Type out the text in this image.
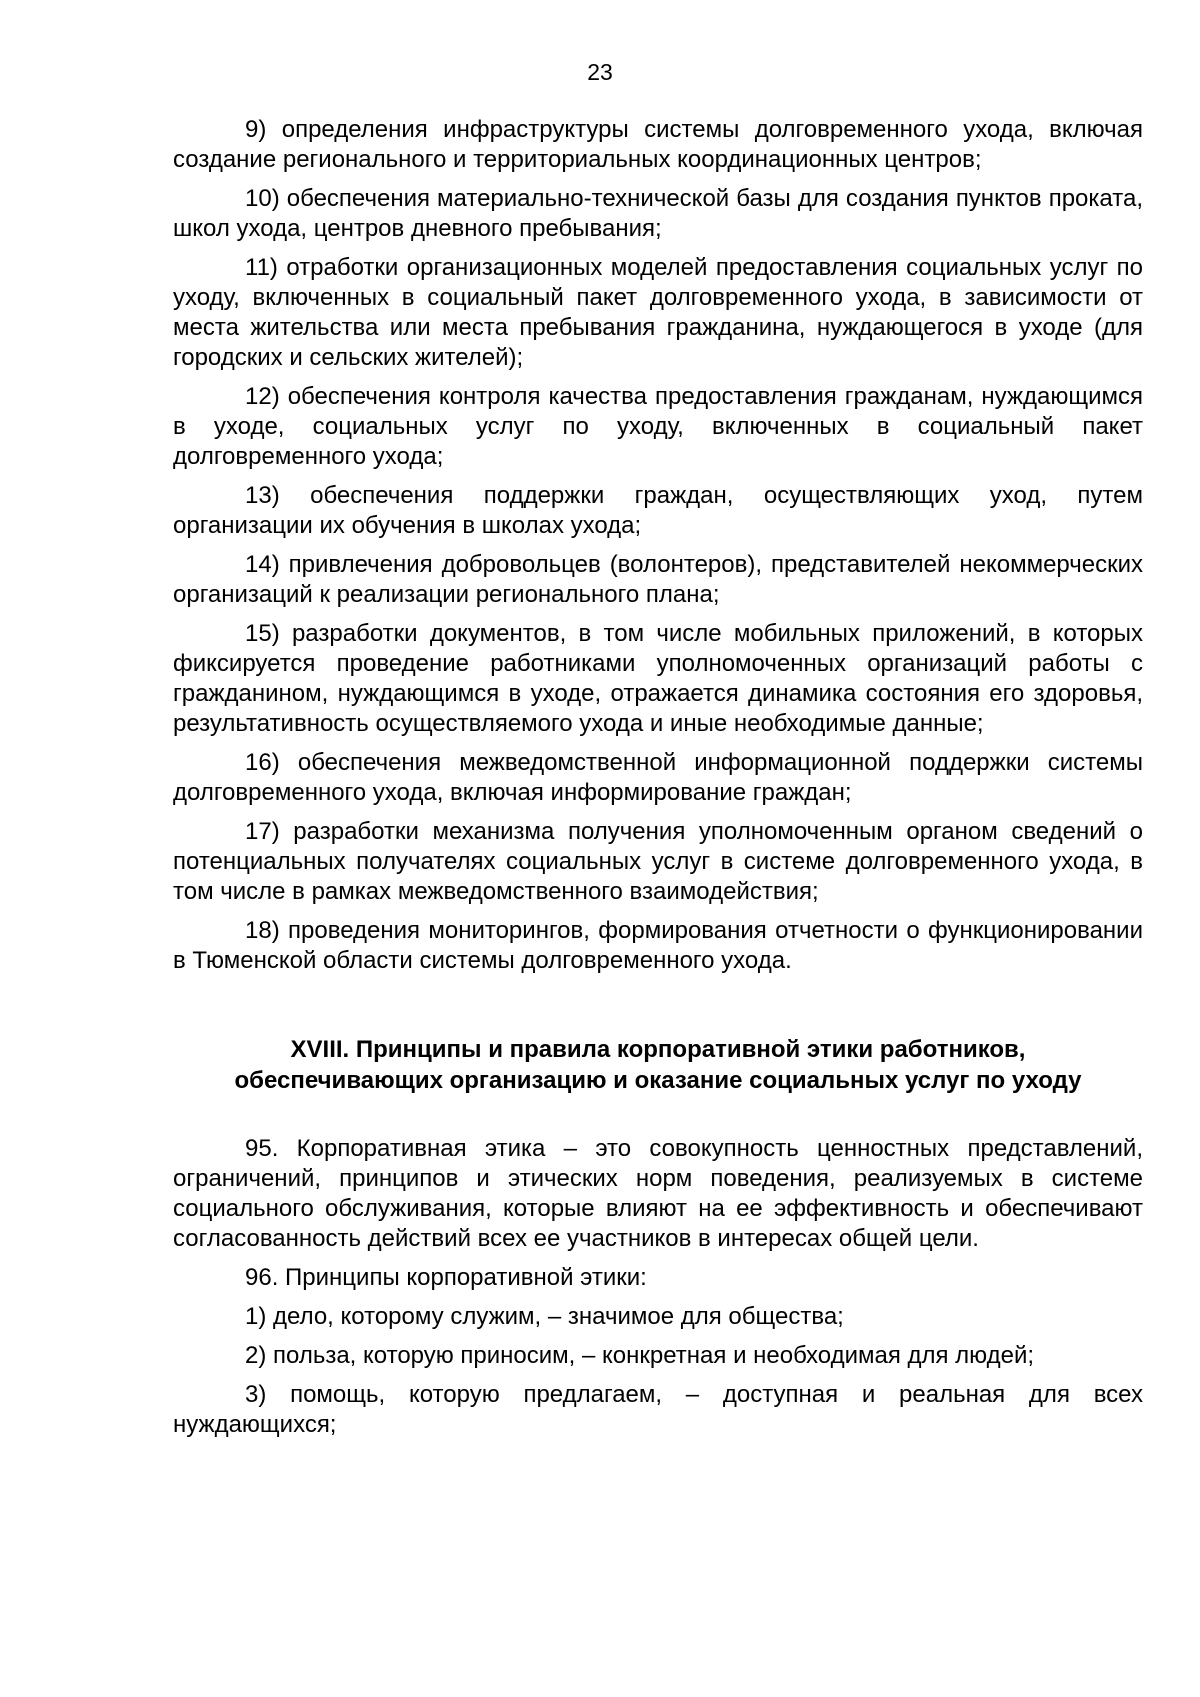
23

9) определения инфраструктуры системы долговременного ухода, включая создание регионального и территориальных координационных центров;

10) обеспечения материально-технической базы для создания пунктов проката, школ ухода, центров дневного пребывания;

11) отработки организационных моделей предоставления социальных услуг по уходу, включенных в социальный пакет долговременного ухода, в зависимости от места жительства или места пребывания гражданина, нуждающегося в уходе (для городских и сельских жителей);

12) обеспечения контроля качества предоставления гражданам, нуждающимся в уходе, социальных услуг по уходу, включенных в социальный пакет долговременного ухода;

13) обеспечения поддержки граждан, осуществляющих уход, путем организации их обучения в школах ухода;

14) привлечения добровольцев (волонтеров), представителей некоммерческих организаций к реализации регионального плана;

15) разработки документов, в том числе мобильных приложений, в которых фиксируется проведение работниками уполномоченных организаций работы с гражданином, нуждающимся в уходе, отражается динамика состояния его здоровья, результативность осуществляемого ухода и иные необходимые данные;

16) обеспечения межведомственной информационной поддержки системы долговременного ухода, включая информирование граждан;

17) разработки механизма получения уполномоченным органом сведений о потенциальных получателях социальных услуг в системе долговременного ухода, в том числе в рамках межведомственного взаимодействия;

18) проведения мониторингов, формирования отчетности о функционировании в Тюменской области системы долговременного ухода.

XVIII. Принципы и правила корпоративной этики работников,
обеспечивающих организацию и оказание социальных услуг по уходу

95. Корпоративная этика – это совокупность ценностных представлений, ограничений, принципов и этических норм поведения, реализуемых в системе социального обслуживания, которые влияют на ее эффективность и обеспечивают согласованность действий всех ее участников в интересах общей цели.

96. Принципы корпоративной этики:

1) дело, которому служим, – значимое для общества;

2) польза, которую приносим, – конкретная и необходимая для людей;

3) помощь, которую предлагаем, – доступная и реальная для всех нуждающихся;
